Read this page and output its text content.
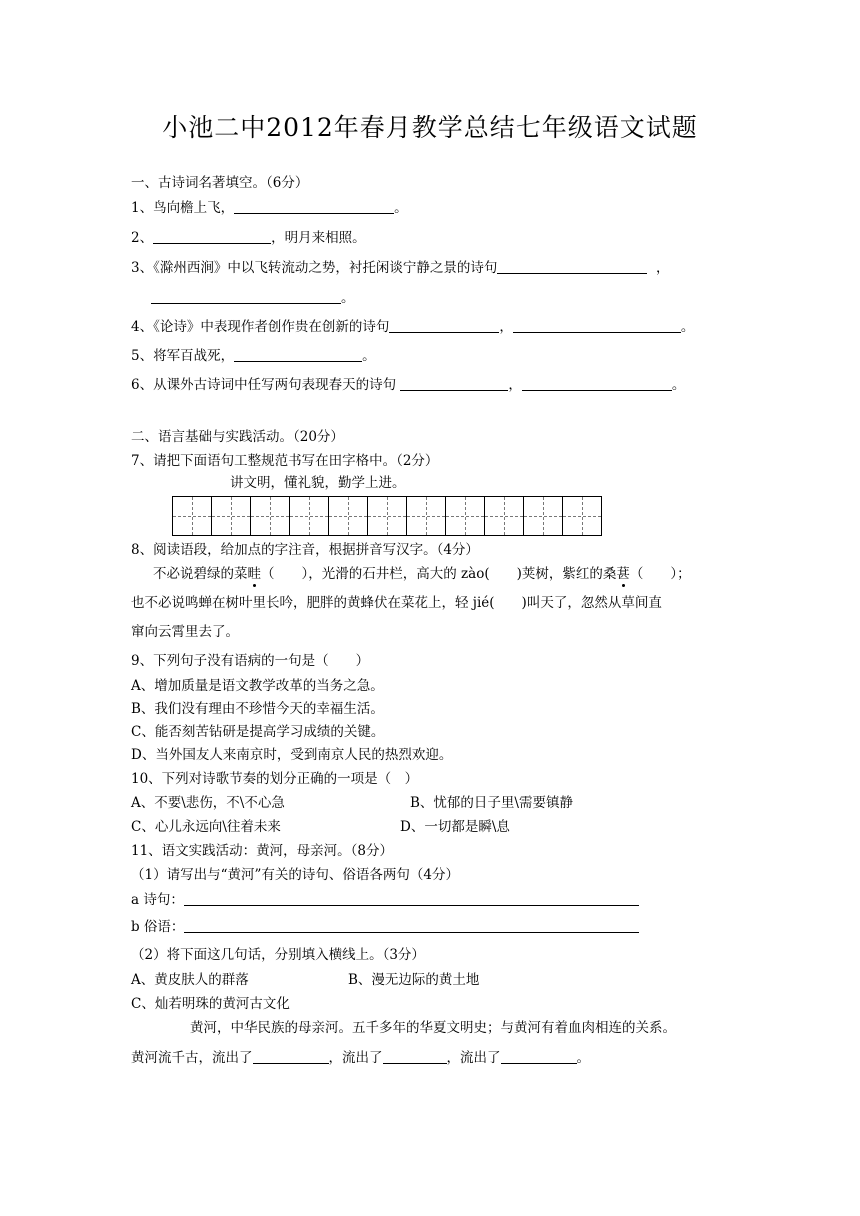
小池二中2012年春月教学总结七年级语文试题
一、古诗词名著填空。（6分）
1、鸟向檐上飞，	。
2、	，明月来相照。
3、《滁州西涧》中以飞转流动之势，衬托闲谈宁静之景的诗句	，
。
4、《论诗》中表现作者创作贵在创新的诗句	，	。
5、将军百战死，	。
6、从课外古诗词中任写两句表现春天的诗句	，	。
二、语言基础与实践活动。（20分）
7、请把下面语句工整规范书写在田字格中。（2分）
讲文明，懂礼貌，勤学上进。
8、阅读语段，给加点的字注音，根据拼音写汉字。（4分）
不必说碧绿的菜畦（　　），光滑的石井栏，高大的 zào(　　)荚树，紫红的桑葚（　　）；
也不必说鸣蝉在树叶里长吟，肥胖的黄蜂伏在菜花上，轻 jié(　　)叫天了，忽然从草间直
窜向云霄里去了。
9、下列句子没有语病的一句是（　　）
A、增加质量是语文教学改革的当务之急。
B、我们没有理由不珍惜今天的幸福生活。
C、能否刻苦钻研是提高学习成绩的关键。
D、当外国友人来南京时，受到南京人民的热烈欢迎。
10、下列对诗歌节奏的划分正确的一项是（　）
A、不要\悲伤，不\不心急	B、忧郁的日子里\需要镇静
C、心儿永远向\往着未来	D、一切都是瞬\息
11、语文实践活动：黄河，母亲河。（8分）
（1）请写出与“黄河”有关的诗句、俗语各两句（4分）
a 诗句：
b 俗语：
（2）将下面这几句话，分别填入横线上。（3分）
A、黄皮肤人的群落	B、漫无边际的黄土地
C、灿若明珠的黄河古文化
黄河，中华民族的母亲河。五千多年的华夏文明史；与黄河有着血肉相连的关系。
黄河流千古，流出了	，流出了	，流出了	。
